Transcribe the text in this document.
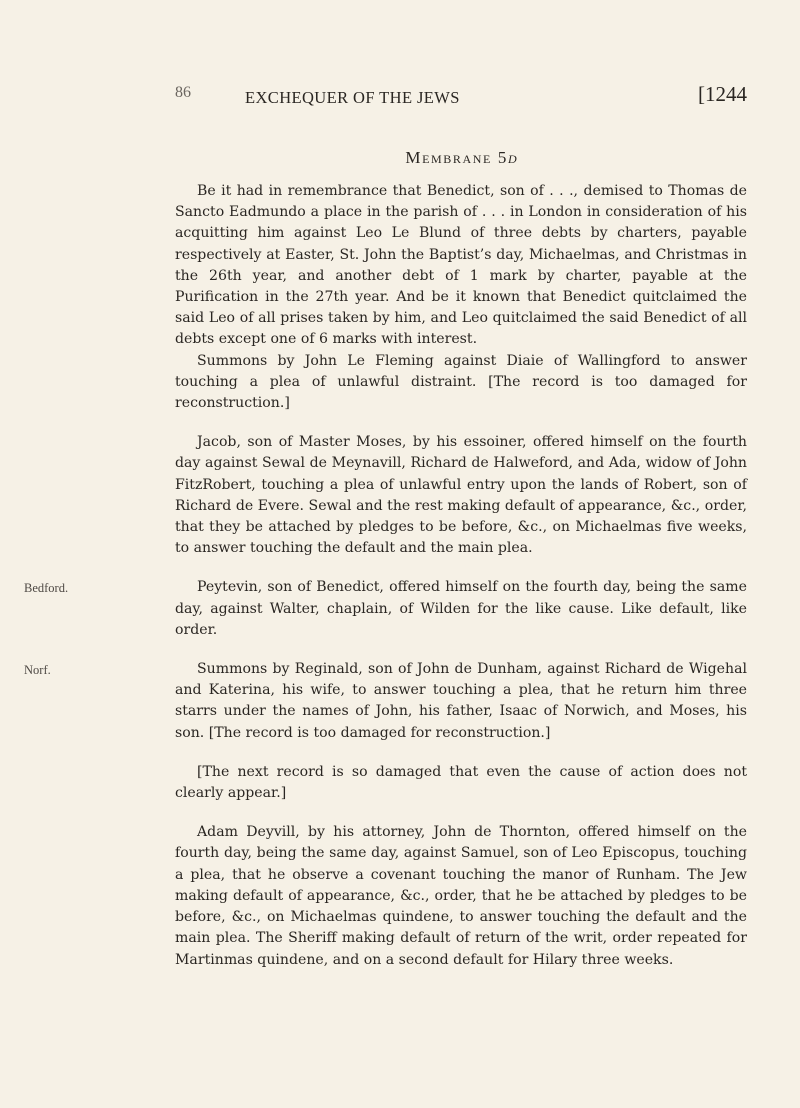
86	EXCHEQUER OF THE JEWS	[1244
Membrane 5d

Be it had in remembrance that Benedict, son of . . ., demised to Thomas de Sancto Eadmundo a place in the parish of . . . in London in consideration of his acquitting him against Leo Le Blund of three debts by charters, payable respectively at Easter, St. John the Baptist’s day, Michaelmas, and Christmas in the 26th year, and another debt of 1 mark by charter, payable at the Purification in the 27th year. And be it known that Benedict quitclaimed the said Leo of all prises taken by him, and Leo quitclaimed the said Benedict of all debts except one of 6 marks with interest.

Summons by John Le Fleming against Diaie of Wallingford to answer touching a plea of unlawful distraint. [The record is too damaged for reconstruction.]

Jacob, son of Master Moses, by his essoiner, offered himself on the fourth day against Sewal de Meynavill, Richard de Halweford, and Ada, widow of John FitzRobert, touching a plea of unlawful entry upon the lands of Robert, son of Richard de Evere. Sewal and the rest making default of appearance, &c., order, that they be attached by pledges to be before, &c., on Michaelmas five weeks, to answer touching the default and the main plea.

Bedford.	Peytevin, son of Benedict, offered himself on the fourth day, being the same day, against Walter, chaplain, of Wilden for the like cause. Like default, like order.

Norf.	Summons by Reginald, son of John de Dunham, against Richard de Wigehal and Katerina, his wife, to answer touching a plea, that he return him three starrs under the names of John, his father, Isaac of Norwich, and Moses, his son. [The record is too damaged for reconstruction.]

[The next record is so damaged that even the cause of action does not clearly appear.]

Adam Deyvill, by his attorney, John de Thornton, offered himself on the fourth day, being the same day, against Samuel, son of Leo Episcopus, touching a plea, that he observe a covenant touching the manor of Runham. The Jew making default of appearance, &c., order, that he be attached by pledges to be before, &c., on Michaelmas quindene, to answer touching the default and the main plea. The Sheriff making default of return of the writ, order repeated for Martinmas quindene, and on a second default for Hilary three weeks.
